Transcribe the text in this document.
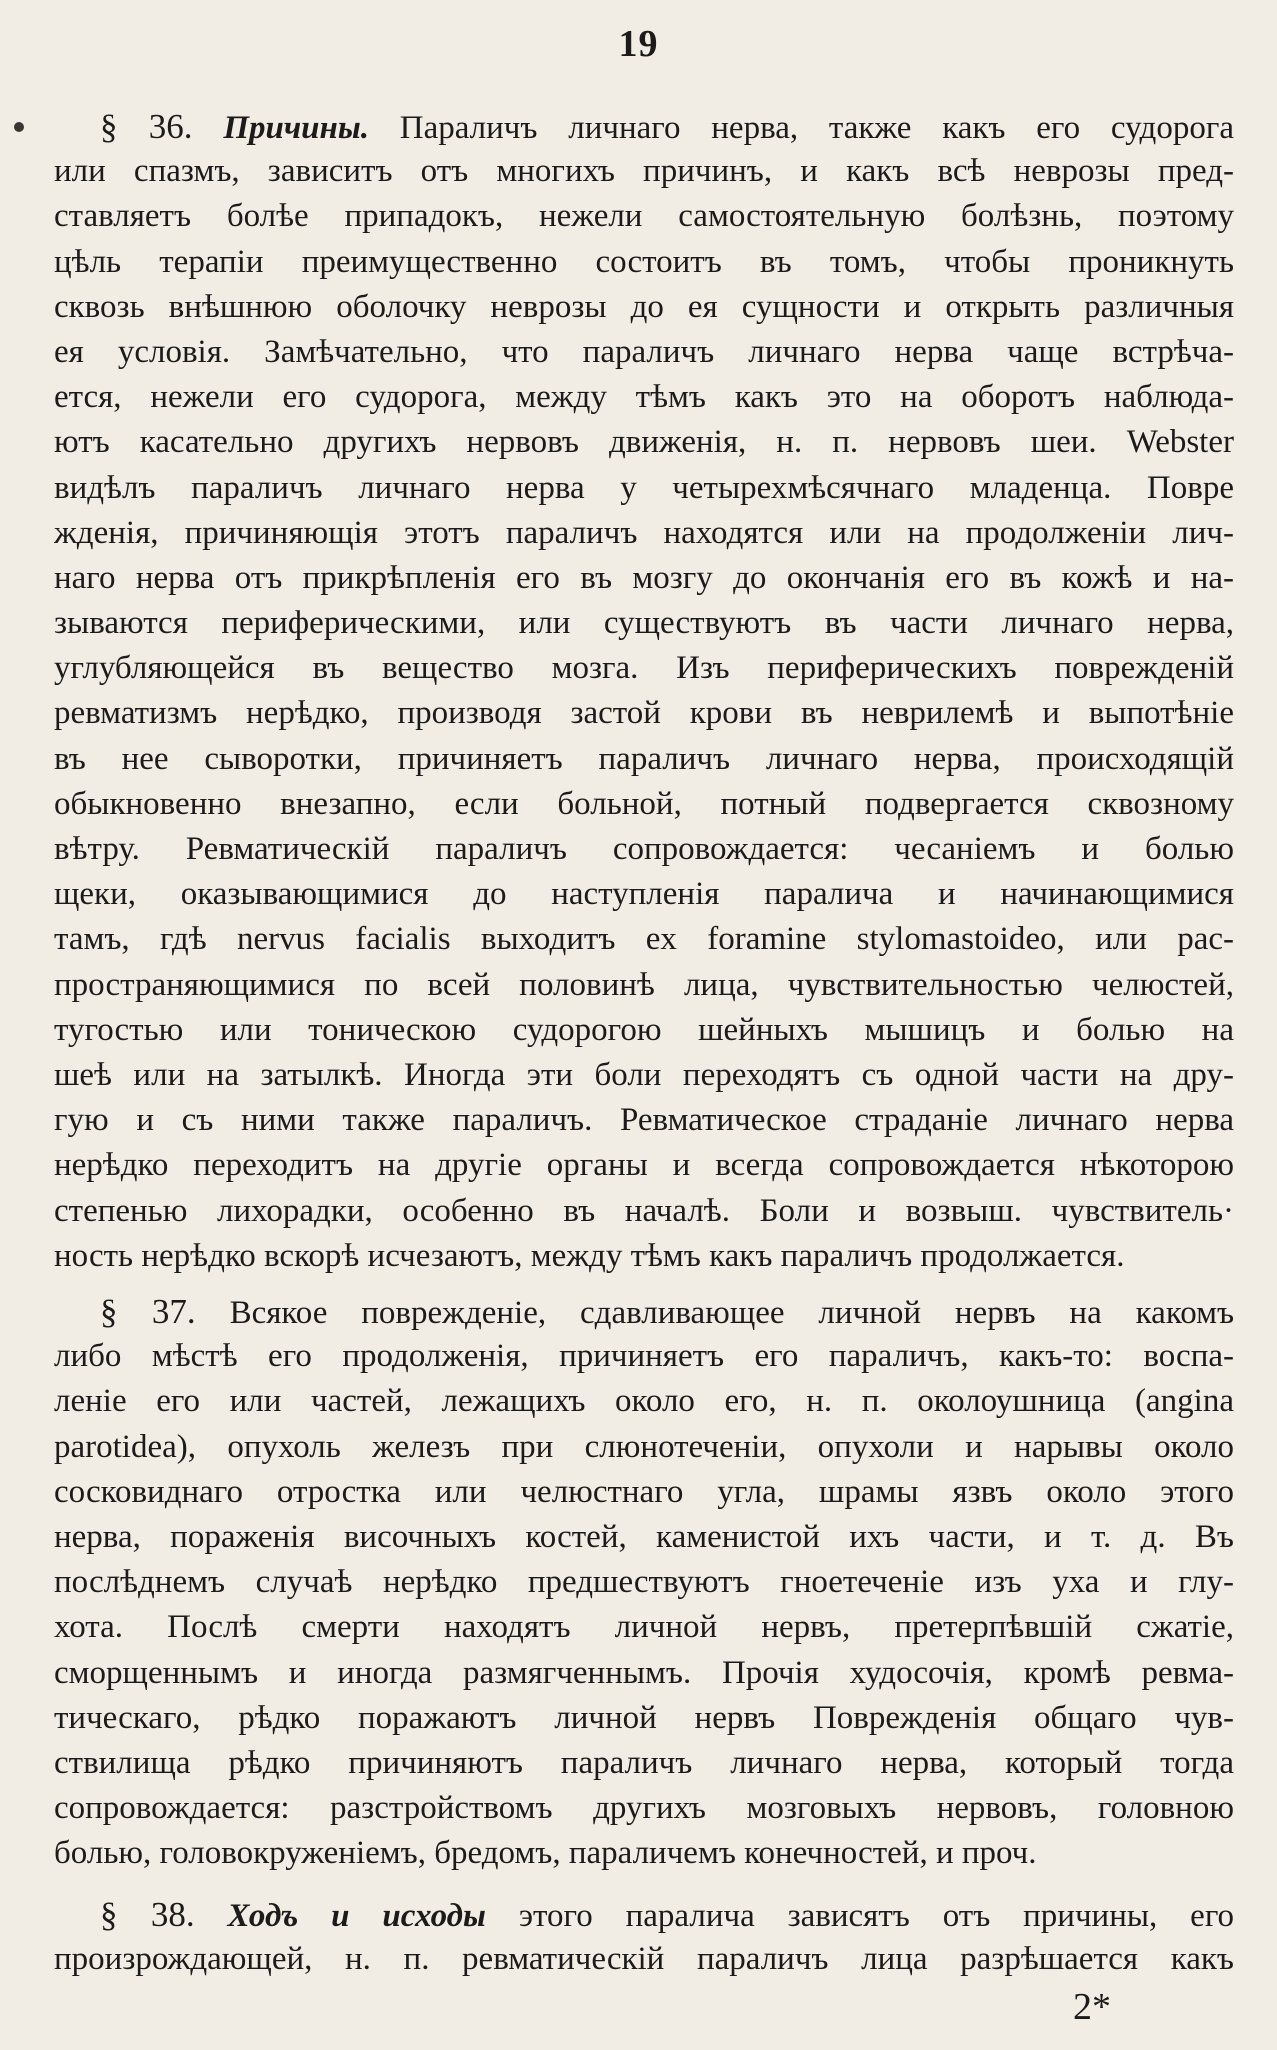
19
§ 36. Причины. Параличъ личнаго нерва, также какъ его судорога
или спазмъ, зависитъ отъ многихъ причинъ, и какъ всѣ неврозы пред-
ставляетъ болѣе припадокъ, нежели самостоятельную болѣзнь, поэтому
цѣль терапіи преимущественно состоитъ въ томъ, чтобы проникнуть
сквозь внѣшнюю оболочку неврозы до ея сущности и открыть различныя
ея условія. Замѣчательно, что параличъ личнаго нерва чаще встрѣча-
ется, нежели его судорога, между тѣмъ какъ это на оборотъ наблюда-
ютъ касательно другихъ нервовъ движенія, н. п. нервовъ шеи. Webster
видѣлъ параличъ личнаго нерва у четырехмѣсячнаго младенца. Повре
жденія, причиняющія этотъ параличъ находятся или на продолженіи лич-
наго нерва отъ прикрѣпленія его въ мозгу до окончанія его въ кожѣ и на-
зываются периферическими, или существуютъ въ части личнаго нерва,
углубляющейся въ вещество мозга. Изъ периферическихъ поврежденій
ревматизмъ нерѣдко, производя застой крови въ неврилемѣ и выпотѣніе
въ нее сыворотки, причиняетъ параличъ личнаго нерва, происходящій
обыкновенно внезапно, если больной, потный подвергается сквозному
вѣтру. Ревматическій параличъ сопровождается: чесаніемъ и болью
щеки, оказывающимися до наступленія паралича и начинающимися
тамъ, гдѣ nervus facialis выходитъ ex foramine stylomastoideo, или рас-
пространяющимися по всей половинѣ лица, чувствительностью челюстей,
тугостью или тоническою судорогою шейныхъ мышицъ и болью на
шеѣ или на затылкѣ. Иногда эти боли переходятъ съ одной части на дру-
гую и съ ними также параличъ. Ревматическое страданіе личнаго нерва
нерѣдко переходитъ на другіе органы и всегда сопровождается нѣкоторою
степенью лихорадки, особенно въ началѣ. Боли и возвыш. чувствитель·
ность нерѣдко вскорѣ исчезаютъ, между тѣмъ какъ параличъ продолжается.
§ 37. Всякое поврежденіе, сдавливающее личной нервъ на какомъ
либо мѣстѣ его продолженія, причиняетъ его параличъ, какъ-то: воспа-
леніе его или частей, лежащихъ около его, н. п. околоушница (angina
parotidea), опухоль железъ при слюнотеченіи, опухоли и нарывы около
сосковиднаго отростка или челюстнаго угла, шрамы язвъ около этого
нерва, пораженія височныхъ костей, каменистой ихъ части, и т. д. Въ
послѣднемъ случаѣ нерѣдко предшествуютъ гноетеченіе изъ уха и глу-
хота. Послѣ смерти находятъ личной нервъ, претерпѣвшій сжатіе,
сморщеннымъ и иногда размягченнымъ. Прочія худосочія, кромѣ ревма-
тическаго, рѣдко поражаютъ личной нервъ Поврежденія общаго чув-
ствилища рѣдко причиняютъ параличъ личнаго нерва, который тогда
сопровождается: разстройствомъ другихъ мозговыхъ нервовъ, головною
болью, головокруженіемъ, бредомъ, параличемъ конечностей, и проч.
§ 38. Ходъ и исходы этого паралича зависятъ отъ причины, его
произрождающей, н. п. ревматическій параличъ лица разрѣшается какъ
2*
